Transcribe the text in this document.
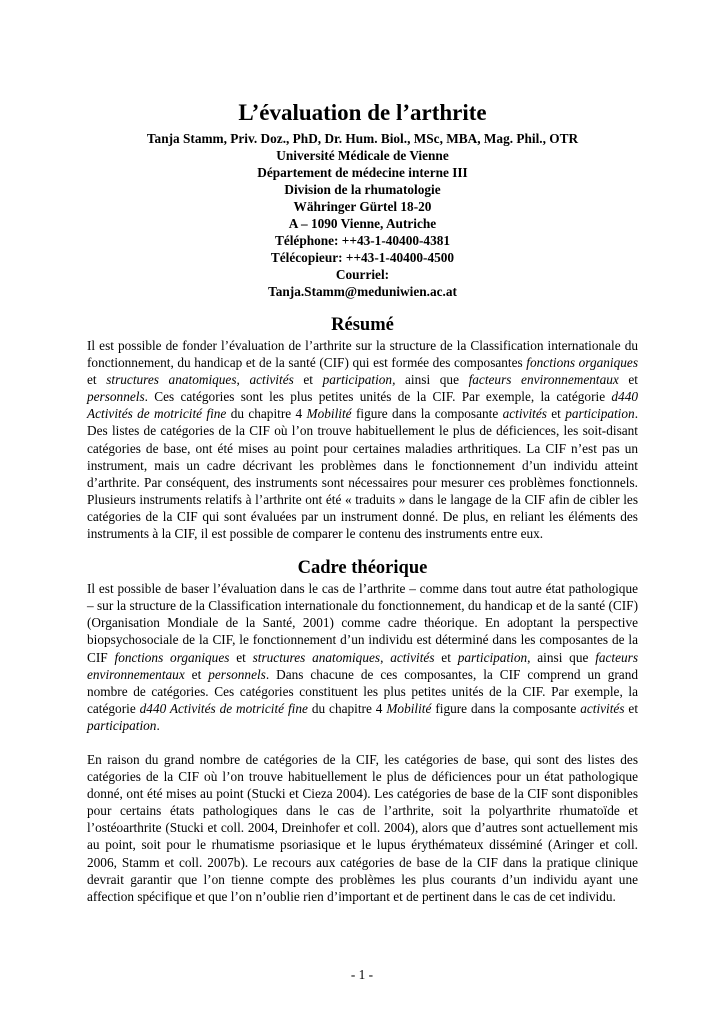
L’évaluation de l’arthrite
Tanja Stamm, Priv. Doz., PhD, Dr. Hum. Biol., MSc, MBA, Mag. Phil., OTR
Université Médicale de Vienne
Département de médecine interne III
Division de la rhumatologie
Währinger Gürtel 18-20
A – 1090 Vienne, Autriche
Téléphone: ++43-1-40400-4381
Télécopieur: ++43-1-40400-4500
Courriel:
Tanja.Stamm@meduniwien.ac.at
Résumé

Il est possible de fonder l’évaluation de l’arthrite sur la structure de la Classification internationale du fonctionnement, du handicap et de la santé (CIF) qui est formée des composantes fonctions organiques et structures anatomiques, activités et participation, ainsi que facteurs environnementaux et personnels. Ces catégories sont les plus petites unités de la CIF. Par exemple, la catégorie d440 Activités de motricité fine du chapitre 4 Mobilité figure dans la composante activités et participation. Des listes de catégories de la CIF où l’on trouve habituellement le plus de déficiences, les soit-disant catégories de base, ont été mises au point pour certaines maladies arthritiques. La CIF n’est pas un instrument, mais un cadre décrivant les problèmes dans le fonctionnement d’un individu atteint d’arthrite. Par conséquent, des instruments sont nécessaires pour mesurer ces problèmes fonctionnels. Plusieurs instruments relatifs à l’arthrite ont été « traduits » dans le langage de la CIF afin de cibler les catégories de la CIF qui sont évaluées par un instrument donné. De plus, en reliant les éléments des instruments à la CIF, il est possible de comparer le contenu des instruments entre eux.

Cadre théorique

Il est possible de baser l’évaluation dans le cas de l’arthrite – comme dans tout autre état pathologique – sur la structure de la Classification internationale du fonctionnement, du handicap et de la santé (CIF) (Organisation Mondiale de la Santé, 2001) comme cadre théorique. En adoptant la perspective biopsychosociale de la CIF, le fonctionnement d’un individu est déterminé dans les composantes de la CIF fonctions organiques et structures anatomiques, activités et participation, ainsi que facteurs environnementaux et personnels. Dans chacune de ces composantes, la CIF comprend un grand nombre de catégories. Ces catégories constituent les plus petites unités de la CIF. Par exemple, la catégorie d440 Activités de motricité fine du chapitre 4 Mobilité figure dans la composante activités et participation.

En raison du grand nombre de catégories de la CIF, les catégories de base, qui sont des listes des catégories de la CIF où l’on trouve habituellement le plus de déficiences pour un état pathologique donné, ont été mises au point (Stucki et Cieza 2004). Les catégories de base de la CIF sont disponibles pour certains états pathologiques dans le cas de l’arthrite, soit la polyarthrite rhumatoïde et l’ostéoarthrite (Stucki et coll. 2004, Dreinhofer et coll. 2004), alors que d’autres sont actuellement mis au point, soit pour le rhumatisme psoriasique et le lupus érythémateux disséminé (Aringer et coll. 2006, Stamm et coll. 2007b). Le recours aux catégories de base de la CIF dans la pratique clinique devrait garantir que l’on tienne compte des problèmes les plus courants d’un individu ayant une affection spécifique et que l’on n’oublie rien d’important et de pertinent dans le cas de cet individu.

- 1 -
